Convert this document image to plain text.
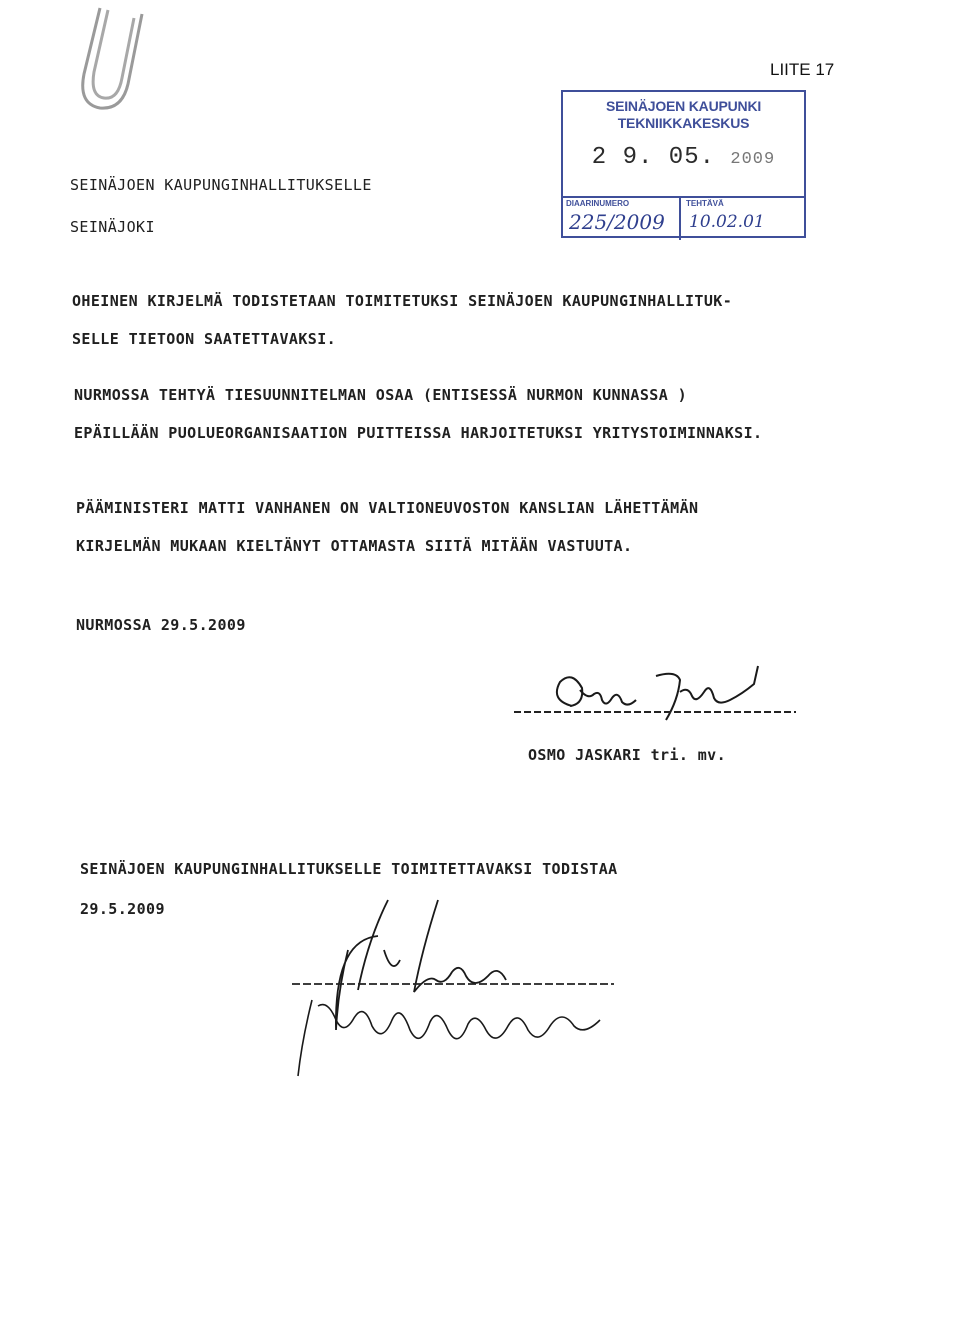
LIITE 17
SEINÄJOEN KAUPUNKI
TEKNIIKKAKESKUS
2 9. 05. 2009
DIAARINUMERO
225/2009
TEHTÄVÄ
10.02.01
SEINÄJOEN KAUPUNGINHALLITUKSELLE
SEINÄJOKI
OHEINEN KIRJELMÄ TODISTETAAN TOIMITETUKSI SEINÄJOEN KAUPUNGINHALLITUK-
SELLE TIETOON SAATETTAVAKSI.
NURMOSSA TEHTYÄ TIESUUNNITELMAN OSAA (ENTISESSÄ NURMON KUNNASSA )
EPÄILLÄÄN PUOLUEORGANISAATION PUITTEISSA HARJOITETUKSI YRITYSTOIMINNAKSI.
PÄÄMINISTERI MATTI VANHANEN ON VALTIONEUVOSTON KANSLIAN LÄHETTÄMÄN
KIRJELMÄN MUKAAN KIELTÄNYT OTTAMASTA SIITÄ MITÄÄN VASTUUTA.
NURMOSSA 29.5.2009
OSMO JASKARI tri. mv.
SEINÄJOEN KAUPUNGINHALLITUKSELLE TOIMITETTAVAKSI TODISTAA
29.5.2009
